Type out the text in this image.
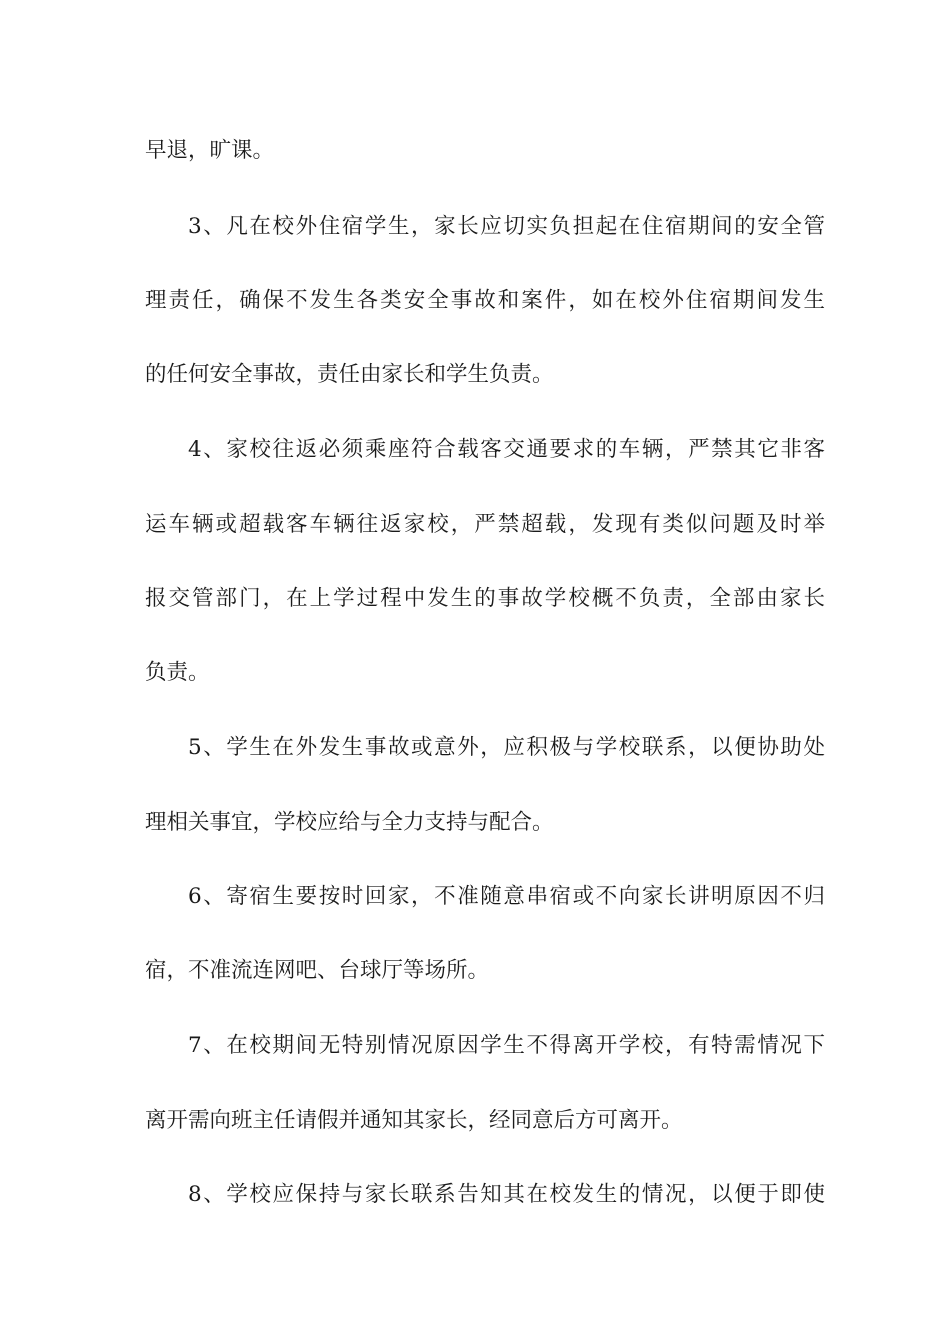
早退，旷课。
3、凡在校外住宿学生，家长应切实负担起在住宿期间的安全管
理责任，确保不发生各类安全事故和案件，如在校外住宿期间发生
的任何安全事故，责任由家长和学生负责。
4、家校往返必须乘座符合载客交通要求的车辆，严禁其它非客
运车辆或超载客车辆往返家校，严禁超载，发现有类似问题及时举
报交管部门，在上学过程中发生的事故学校概不负责，全部由家长
负责。
5、学生在外发生事故或意外，应积极与学校联系，以便协助处
理相关事宜，学校应给与全力支持与配合。
6、寄宿生要按时回家，不准随意串宿或不向家长讲明原因不归
宿，不准流连网吧、台球厅等场所。
7、在校期间无特别情况原因学生不得离开学校，有特需情况下
离开需向班主任请假并通知其家长，经同意后方可离开。
8、学校应保持与家长联系告知其在校发生的情况，以便于即使
